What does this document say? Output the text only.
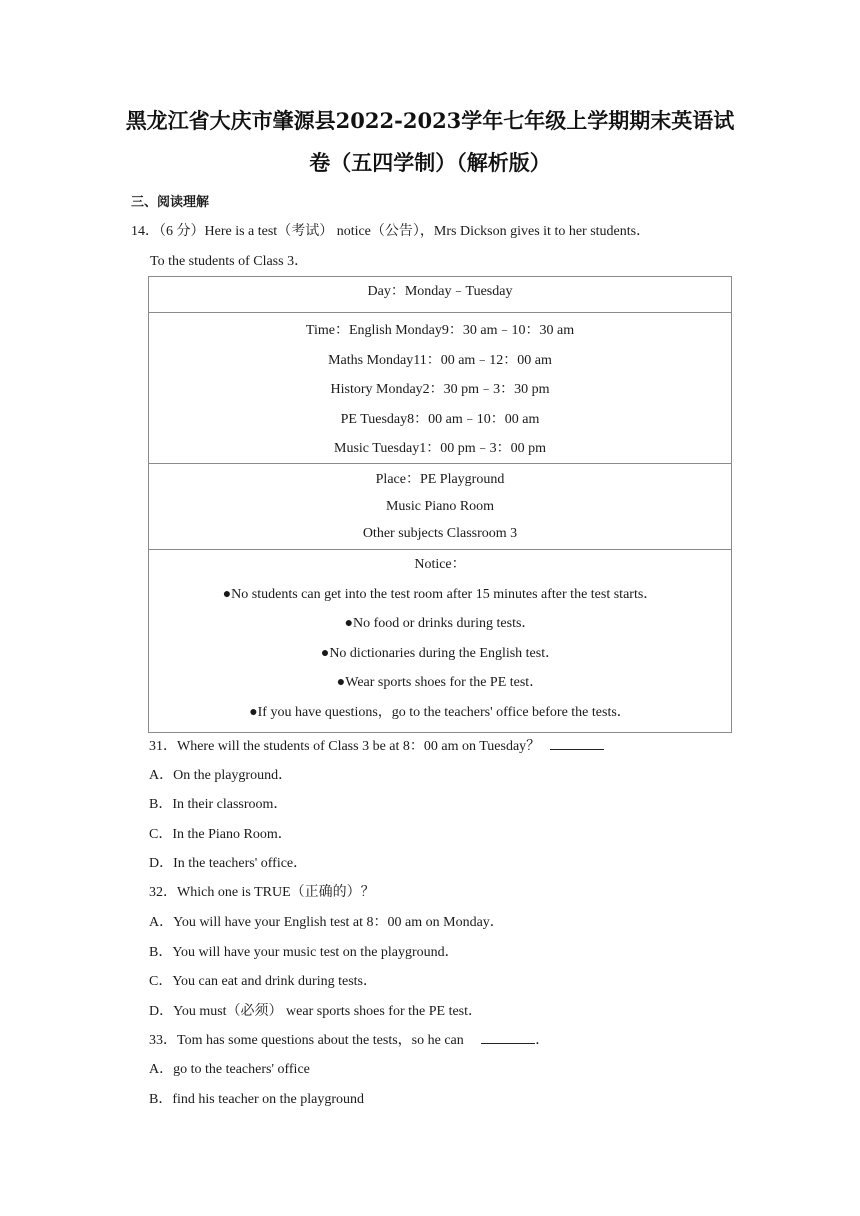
黑龙江省大庆市肇源县2022-2023学年七年级上学期期末英语试
卷（五四学制）（解析版）
三、阅读理解
14．（6 分）Here is a test（考试） notice（公告），Mrs Dickson gives it to her students．
To the students of Class 3．
Day：Monday﹣Tuesday
Time：English Monday9：30 am﹣10：30 am
Maths Monday11：00 am﹣12：00 am
History Monday2：30 pm﹣3：30 pm
PE Tuesday8：00 am﹣10：00 am
Music Tuesday1：00 pm﹣3：00 pm
Place：PE Playground
Music Piano Room
Other subjects Classroom 3
Notice：
●No students can get into the test room after 15 minutes after the test starts．
●No food or drinks during tests．
●No dictionaries during the English test．
●Wear sports shoes for the PE test．
●If you have questions，go to the teachers' office before the tests．
31．Where will the students of Class 3 be at 8：00 am on Tuesday？
A．On the playground．
B．In their classroom．
C．In the Piano Room．
D．In the teachers' office．
32．Which one is TRUE（正确的）？
A．You will have your English test at 8：00 am on Monday．
B．You will have your music test on the playground．
C．You can eat and drink during tests．
D．You must（必须） wear sports shoes for the PE test．
33．Tom has some questions about the tests，so he can	．
A．go to the teachers' office
B．find his teacher on the playground
